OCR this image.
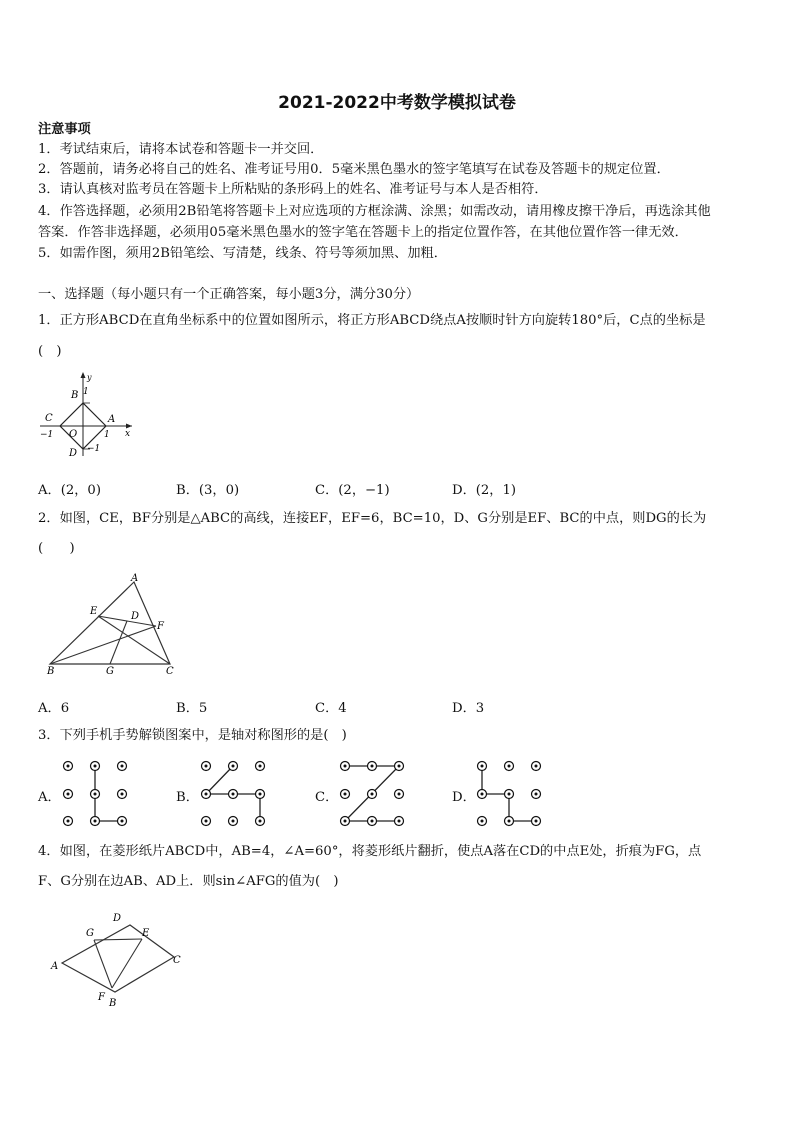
2021-2022中考数学模拟试卷
注意事项
1．考试结束后，请将本试卷和答题卡一并交回．
2．答题前，请务必将自己的姓名、准考证号用0．5毫米黑色墨水的签字笔填写在试卷及答题卡的规定位置．
3．请认真核对监考员在答题卡上所粘贴的条形码上的姓名、准考证号与本人是否相符．
4．作答选择题，必须用2B铅笔将答题卡上对应选项的方框涂满、涂黑；如需改动，请用橡皮擦干净后，再选涂其他
答案．作答非选择题，必须用05毫米黑色墨水的签字笔在答题卡上的指定位置作答，在其他位置作答一律无效．
5．如需作图，须用2B铅笔绘、写清楚，线条、符号等须加黑、加粗．
一、选择题（每小题只有一个正确答案，每小题3分，满分30分）
1．正方形ABCD在直角坐标系中的位置如图所示，将正方形ABCD绕点A按顺时针方向旋转180°后，C点的坐标是
(　)
B 1
y
A
C
−1 O	1 x
D −1
A．(2，0)	B．(3，0)	C．(2，−1)	D．(2，1)
2．如图，CE，BF分别是△ABC的高线，连接EF，EF=6，BC=10，D、G分别是EF、BC的中点，则DG的长为
(　　)
A
E	D
F
B	G	C
A．6	B．5	C．4	D．3
3．下列手机手势解锁图案中，是轴对称图形的是(　)
A．	B．	C．	D．
4．如图，在菱形纸片ABCD中，AB=4，∠A=60°，将菱形纸片翻折，使点A落在CD的中点E处，折痕为FG，点
F、G分别在边AB、AD上．则sin∠AFG的值为(　)
D
G	E
A
C
F
B
